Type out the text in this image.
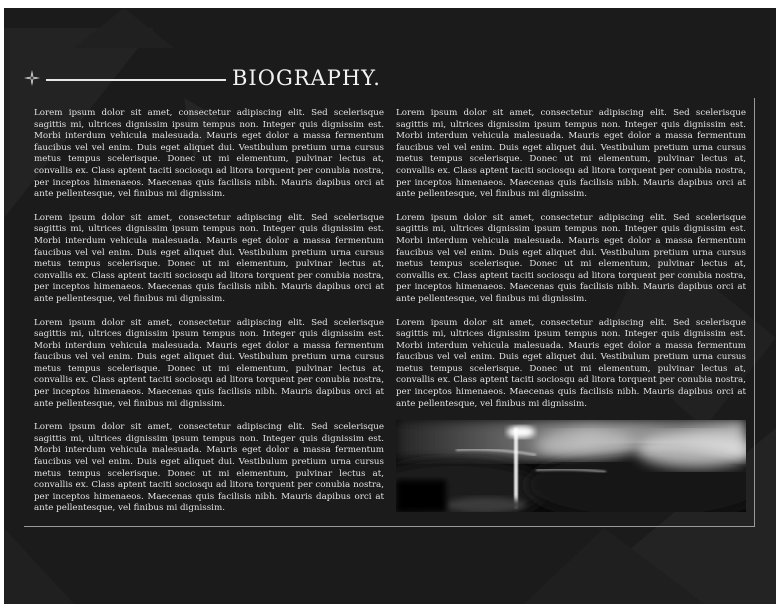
BIOGRAPHY.

Lorem ipsum dolor sit amet, consectetur adipiscing elit. Sed scelerisque sagittis mi, ultrices dignissim ipsum tempus non. Integer quis dignissim est. Morbi interdum vehicula malesuada. Mauris eget dolor a massa fermentum faucibus vel vel enim. Duis eget aliquet dui. Vestibulum pretium urna cursus metus tempus scelerisque. Donec ut mi elementum, pulvinar lectus at, convallis ex. Class aptent taciti sociosqu ad litora torquent per conubia nostra, per inceptos himenaeos. Maecenas quis facilisis nibh. Mauris dapibus orci at ante pellentesque, vel finibus mi dignissim.

Lorem ipsum dolor sit amet, consectetur adipiscing elit. Sed scelerisque sagittis mi, ultrices dignissim ipsum tempus non. Integer quis dignissim est. Morbi interdum vehicula malesuada. Mauris eget dolor a massa fermentum faucibus vel vel enim. Duis eget aliquet dui. Vestibulum pretium urna cursus metus tempus scelerisque. Donec ut mi elementum, pulvinar lectus at, convallis ex. Class aptent taciti sociosqu ad litora torquent per conubia nostra, per inceptos himenaeos. Maecenas quis facilisis nibh. Mauris dapibus orci at ante pellentesque, vel finibus mi dignissim.

Lorem ipsum dolor sit amet, consectetur adipiscing elit. Sed scelerisque sagittis mi, ultrices dignissim ipsum tempus non. Integer quis dignissim est. Morbi interdum vehicula malesuada. Mauris eget dolor a massa fermentum faucibus vel vel enim. Duis eget aliquet dui. Vestibulum pretium urna cursus metus tempus scelerisque. Donec ut mi elementum, pulvinar lectus at, convallis ex. Class aptent taciti sociosqu ad litora torquent per conubia nostra, per inceptos himenaeos. Maecenas quis facilisis nibh. Mauris dapibus orci at ante pellentesque, vel finibus mi dignissim.

Lorem ipsum dolor sit amet, consectetur adipiscing elit. Sed scelerisque sagittis mi, ultrices dignissim ipsum tempus non. Integer quis dignissim est. Morbi interdum vehicula malesuada. Mauris eget dolor a massa fermentum faucibus vel vel enim. Duis eget aliquet dui. Vestibulum pretium urna cursus metus tempus scelerisque. Donec ut mi elementum, pulvinar lectus at, convallis ex. Class aptent taciti sociosqu ad litora torquent per conubia nostra, per inceptos himenaeos. Maecenas quis facilisis nibh. Mauris dapibus orci at ante pellentesque, vel finibus mi dignissim.

Lorem ipsum dolor sit amet, consectetur adipiscing elit. Sed scelerisque sagittis mi, ultrices dignissim ipsum tempus non. Integer quis dignissim est. Morbi interdum vehicula malesuada. Mauris eget dolor a massa fermentum faucibus vel vel enim. Duis eget aliquet dui. Vestibulum pretium urna cursus metus tempus scelerisque. Donec ut mi elementum, pulvinar lectus at, convallis ex. Class aptent taciti sociosqu ad litora torquent per conubia nostra, per inceptos himenaeos. Maecenas quis facilisis nibh. Mauris dapibus orci at ante pellentesque, vel finibus mi dignissim.

Lorem ipsum dolor sit amet, consectetur adipiscing elit. Sed scelerisque sagittis mi, ultrices dignissim ipsum tempus non. Integer quis dignissim est. Morbi interdum vehicula malesuada. Mauris eget dolor a massa fermentum faucibus vel vel enim. Duis eget aliquet dui. Vestibulum pretium urna cursus metus tempus scelerisque. Donec ut mi elementum, pulvinar lectus at, convallis ex. Class aptent taciti sociosqu ad litora torquent per conubia nostra, per inceptos himenaeos. Maecenas quis facilisis nibh. Mauris dapibus orci at ante pellentesque, vel finibus mi dignissim.

Lorem ipsum dolor sit amet, consectetur adipiscing elit. Sed scelerisque sagittis mi, ultrices dignissim ipsum tempus non. Integer quis dignissim est. Morbi interdum vehicula malesuada. Mauris eget dolor a massa fermentum faucibus vel vel enim. Duis eget aliquet dui. Vestibulum pretium urna cursus metus tempus scelerisque. Donec ut mi elementum, pulvinar lectus at, convallis ex. Class aptent taciti sociosqu ad litora torquent per conubia nostra, per inceptos himenaeos. Maecenas quis facilisis nibh. Mauris dapibus orci at ante pellentesque, vel finibus mi dignissim.
